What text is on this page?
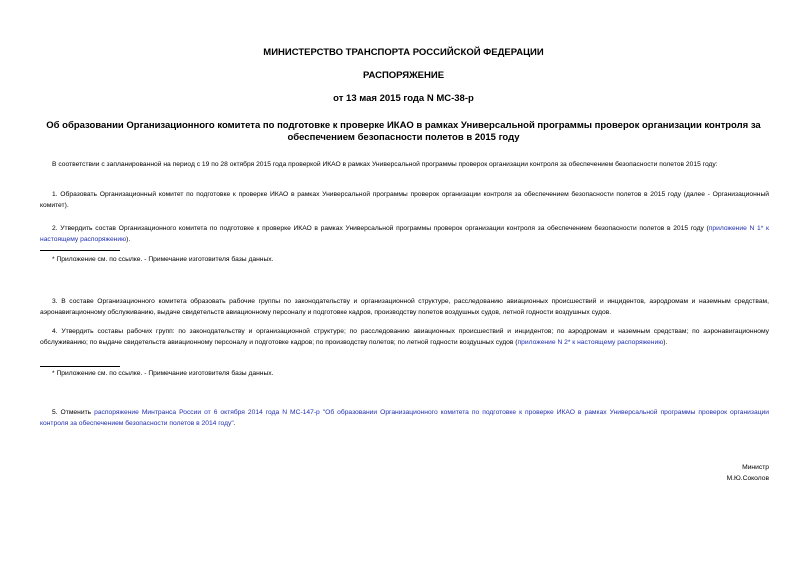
МИНИСТЕРСТВО ТРАНСПОРТА РОССИЙСКОЙ ФЕДЕРАЦИИ
РАСПОРЯЖЕНИЕ
от 13 мая 2015 года N МС-38-р
Об образовании Организационного комитета по подготовке к проверке ИКАО в рамках Универсальной программы проверок организации контроля за
обеспечением безопасности полетов в 2015 году
В соответствии с запланированной на период с 19 по 28 октября 2015 года проверкой ИКАО в рамках Универсальной программы проверок организации контроля за обеспечением безопасности полетов 2015 году:
1. Образовать Организационный комитет по подготовке к проверке ИКАО в рамках Универсальной программы проверок организации контроля за обеспечением безопасности полетов в 2015 году (далее - Организационный комитет).
2. Утвердить состав Организационного комитета по подготовке к проверке ИКАО в рамках Универсальной программы проверок организации контроля за обеспечением безопасности полетов в 2015 году (приложение N 1* к настоящему распоряжению).
* Приложение см. по ссылке. - Примечание изготовителя базы данных.
3. В составе Организационного комитета образовать рабочие группы по законодательству и организационной структуре, расследованию авиационных происшествий и инцидентов, аэродромам и наземным средствам, аэронавигационному обслуживанию, выдаче свидетельств авиационному персоналу и подготовке кадров, производству полетов воздушных судов, летной годности воздушных судов.
4. Утвердить составы рабочих групп: по законодательству и организационной структуре; по расследованию авиационных происшествий и инцидентов; по аэродромам и наземным средствам; по аэронавигационному обслуживанию; по выдаче свидетельств авиационному персоналу и подготовке кадров; по производству полетов; по летной годности воздушных судов (приложение N 2* к настоящему распоряжению).
* Приложение см. по ссылке. - Примечание изготовителя базы данных.
5. Отменить распоряжение Минтранса России от 6 октября 2014 года N МС-147-р "Об образовании Организационного комитета по подготовке к проверке ИКАО в рамках Универсальной программы проверок организации контроля за обеспечением безопасности полетов в 2014 году".
Министр
М.Ю.Соколов
